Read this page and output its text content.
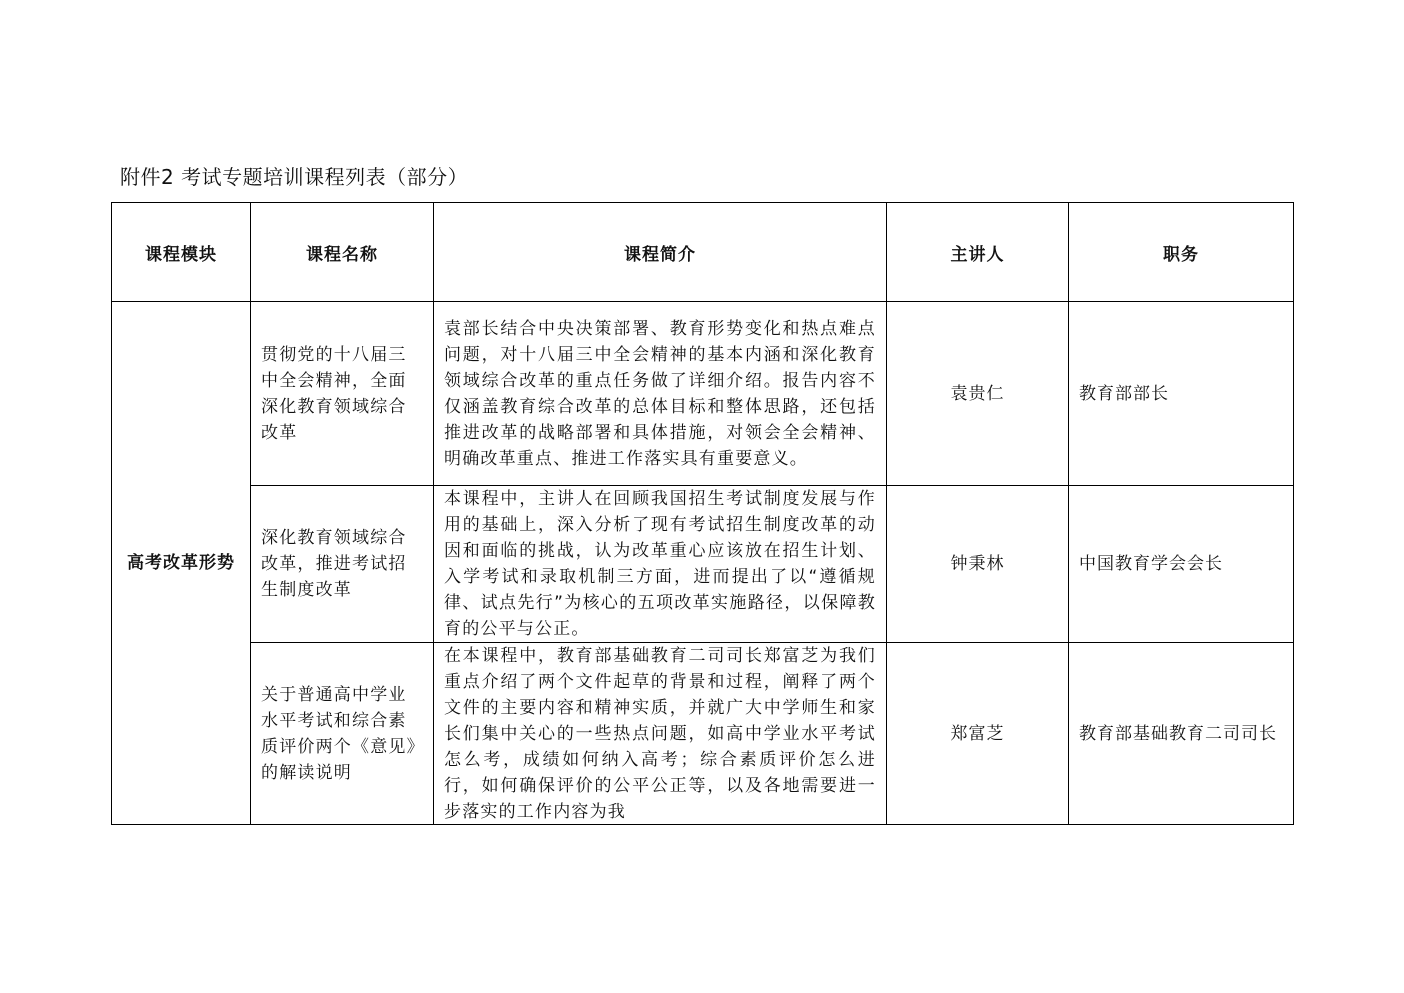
附件2 考试专题培训课程列表（部分）
课程模块	课程名称	课程简介	主讲人	职务
高考改革形势	贯彻党的十八届三中全会精神，全面深化教育领域综合改革	袁部长结合中央决策部署、教育形势变化和热点难点问题，对十八届三中全会精神的基本内涵和深化教育领域综合改革的重点任务做了详细介绍。报告内容不仅涵盖教育综合改革的总体目标和整体思路，还包括推进改革的战略部署和具体措施，对领会全会精神、明确改革重点、推进工作落实具有重要意义。	袁贵仁	教育部部长
	深化教育领域综合改革，推进考试招生制度改革	本课程中，主讲人在回顾我国招生考试制度发展与作用的基础上，深入分析了现有考试招生制度改革的动因和面临的挑战，认为改革重心应该放在招生计划、入学考试和录取机制三方面，进而提出了以“遵循规律、试点先行”为核心的五项改革实施路径，以保障教育的公平与公正。	钟秉林	中国教育学会会长
	关于普通高中学业水平考试和综合素质评价两个《意见》的解读说明	在本课程中，教育部基础教育二司司长郑富芝为我们重点介绍了两个文件起草的背景和过程，阐释了两个文件的主要内容和精神实质，并就广大中学师生和家长们集中关心的一些热点问题，如高中学业水平考试怎么考，成绩如何纳入高考；综合素质评价怎么进行，如何确保评价的公平公正等，以及各地需要进一步落实的工作内容为我	郑富芝	教育部基础教育二司司长
